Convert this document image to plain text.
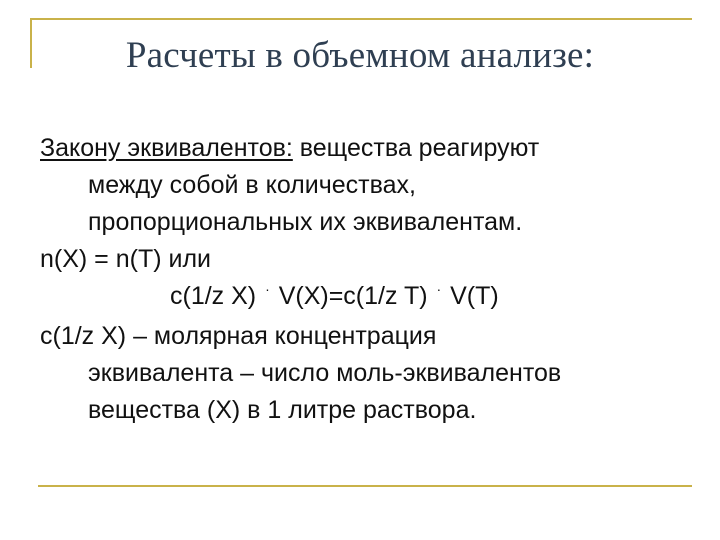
Расчеты в объемном анализе:
Закону эквивалентов: вещества реагируют
между собой в количествах,
пропорциональных их эквивалентам.
n(X) = n(T) или
c(1/z X) · V(X)=c(1/z T) · V(T)
c(1/z X) – молярная концентрация
эквивалента – число моль-эквивалентов
вещества (X) в 1 литре раствора.
